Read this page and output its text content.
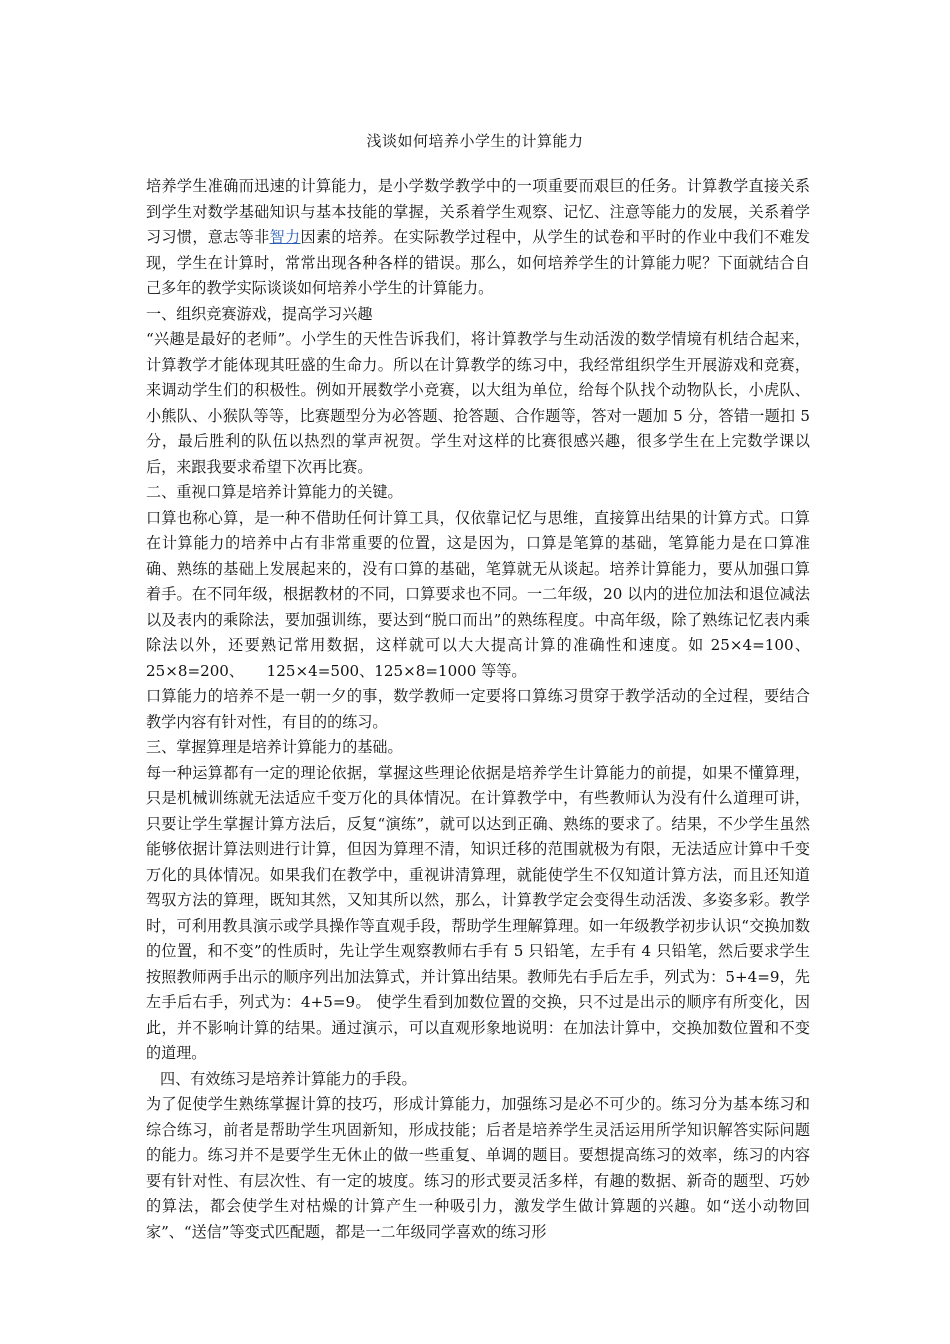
浅谈如何培养小学生的计算能力

培养学生准确而迅速的计算能力，是小学数学教学中的一项重要而艰巨的任务。计算教学直接关系到学生对数学基础知识与基本技能的掌握，关系着学生观察、记忆、注意等能力的发展，关系着学习习惯，意志等非智力因素的培养。在实际教学过程中，从学生的试卷和平时的作业中我们不难发现，学生在计算时，常常出现各种各样的错误。那么，如何培养学生的计算能力呢？下面就结合自己多年的教学实际谈谈如何培养小学生的计算能力。

一、组织竞赛游戏，提高学习兴趣

“兴趣是最好的老师”。小学生的天性告诉我们，将计算教学与生动活泼的数学情境有机结合起来，计算教学才能体现其旺盛的生命力。所以在计算教学的练习中，我经常组织学生开展游戏和竞赛，来调动学生们的积极性。例如开展数学小竞赛，以大组为单位，给每个队找个动物队长，小虎队、小熊队、小猴队等等，比赛题型分为必答题、抢答题、合作题等，答对一题加 5 分，答错一题扣 5 分，最后胜利的队伍以热烈的掌声祝贺。学生对这样的比赛很感兴趣，很多学生在上完数学课以后，来跟我要求希望下次再比赛。

二、重视口算是培养计算能力的关键。

口算也称心算，是一种不借助任何计算工具，仅依靠记忆与思维，直接算出结果的计算方式。口算在计算能力的培养中占有非常重要的位置，这是因为，口算是笔算的基础，笔算能力是在口算准确、熟练的基础上发展起来的，没有口算的基础，笔算就无从谈起。培养计算能力，要从加强口算着手。在不同年级，根据教材的不同，口算要求也不同。一二年级，20 以内的进位加法和退位减法以及表内的乘除法，要加强训练，要达到“脱口而出”的熟练程度。中高年级，除了熟练记忆表内乘除法以外，还要熟记常用数据，这样就可以大大提高计算的准确性和速度。如 25×4=100、25×8=200、　　125×4=500、125×8=1000 等等。

口算能力的培养不是一朝一夕的事，数学教师一定要将口算练习贯穿于教学活动的全过程，要结合教学内容有针对性，有目的的练习。

三、掌握算理是培养计算能力的基础。

每一种运算都有一定的理论依据，掌握这些理论依据是培养学生计算能力的前提，如果不懂算理，只是机械训练就无法适应千变万化的具体情况。在计算教学中，有些教师认为没有什么道理可讲，只要让学生掌握计算方法后，反复“演练”，就可以达到正确、熟练的要求了。结果，不少学生虽然能够依据计算法则进行计算，但因为算理不清，知识迁移的范围就极为有限，无法适应计算中千变万化的具体情况。如果我们在教学中，重视讲清算理，就能使学生不仅知道计算方法，而且还知道驾驭方法的算理，既知其然，又知其所以然，那么，计算教学定会变得生动活泼、多姿多彩。教学时，可利用教具演示或学具操作等直观手段，帮助学生理解算理。如一年级教学初步认识“交换加数的位置，和不变”的性质时，先让学生观察教师右手有 5 只铅笔，左手有 4 只铅笔，然后要求学生按照教师两手出示的顺序列出加法算式，并计算出结果。教师先右手后左手，列式为：5+4=9，先左手后右手，列式为：4+5=9。 使学生看到加数位置的交换，只不过是出示的顺序有所变化，因此，并不影响计算的结果。通过演示，可以直观形象地说明：在加法计算中，交换加数位置和不变的道理。

四、有效练习是培养计算能力的手段。

为了促使学生熟练掌握计算的技巧，形成计算能力，加强练习是必不可少的。练习分为基本练习和综合练习，前者是帮助学生巩固新知，形成技能；后者是培养学生灵活运用所学知识解答实际问题的能力。练习并不是要学生无休止的做一些重复、单调的题目。要想提高练习的效率，练习的内容要有针对性、有层次性、有一定的坡度。练习的形式要灵活多样，有趣的数据、新奇的题型、巧妙的算法，都会使学生对枯燥的计算产生一种吸引力，激发学生做计算题的兴趣。如“送小动物回家”、“送信”等变式匹配题，都是一二年级同学喜欢的练习形
